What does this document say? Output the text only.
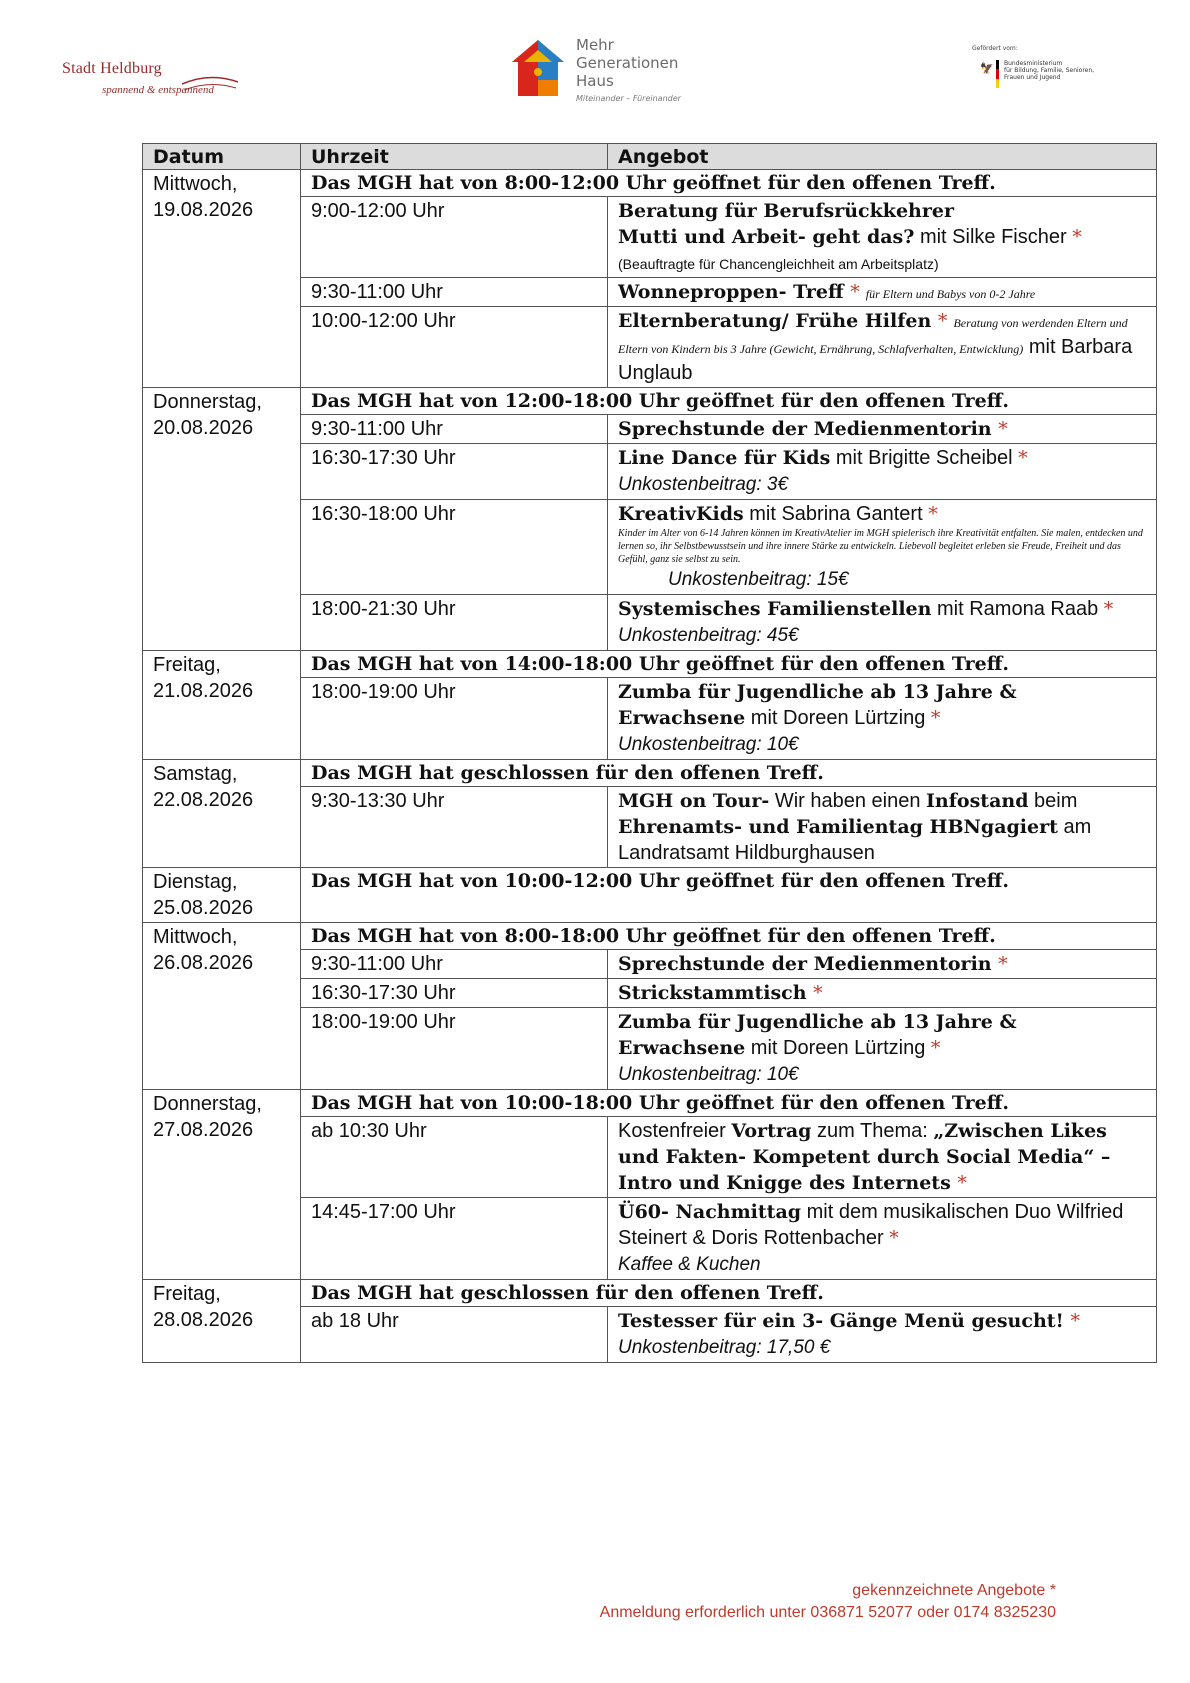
Stadt Heldburg
spannend & entspannend
Mehr
Generationen
Haus
Miteinander – Füreinander
Gefördert vom:
🦅 Bundesministerium
für Bildung, Familie, Senioren,
Frauen und Jugend
Datum	Uhrzeit	Angebot
Mittwoch,
19.08.2026	Das MGH hat von 8:00-12:00 Uhr geöffnet für den offenen Treff.	
	9:00-12:00 Uhr	Beratung für Berufsrückkehrer
Mutti und Arbeit- geht das? mit Silke Fischer *
(Beauftragte für Chancengleichheit am Arbeitsplatz)
	9:30-11:00 Uhr	Wonneproppen- Treff * für Eltern und Babys von 0-2 Jahre
	10:00-12:00 Uhr	Elternberatung/ Frühe Hilfen * Beratung von werdenden Eltern und Eltern von Kindern bis 3 Jahre (Gewicht, Ernährung, Schlafverhalten, Entwicklung) mit Barbara Unglaub
Donnerstag,
20.08.2026	Das MGH hat von 12:00-18:00 Uhr geöffnet für den offenen Treff.	
	9:30-11:00 Uhr	Sprechstunde der Medienmentorin *
	16:30-17:30 Uhr	Line Dance für Kids mit Brigitte Scheibel *
Unkostenbeitrag: 3€
	16:30-18:00 Uhr	KreativKids mit Sabrina Gantert *
Kinder im Alter von 6-14 Jahren können im KreativAtelier im MGH spielerisch ihre Kreativität entfalten. Sie malen, entdecken und lernen so, ihr Selbstbewusstsein und ihre innere Stärke zu entwickeln. Liebevoll begleitet erleben sie Freude, Freiheit und das Gefühl, ganz sie selbst zu sein.
Unkostenbeitrag: 15€
	18:00-21:30 Uhr	Systemisches Familienstellen mit Ramona Raab *
Unkostenbeitrag: 45€
Freitag,
21.08.2026	Das MGH hat von 14:00-18:00 Uhr geöffnet für den offenen Treff.	
	18:00-19:00 Uhr	Zumba für Jugendliche ab 13 Jahre & Erwachsene mit Doreen Lürtzing *
Unkostenbeitrag: 10€
Samstag,
22.08.2026	Das MGH hat geschlossen für den offenen Treff.	
	9:30-13:30 Uhr	MGH on Tour- Wir haben einen Infostand beim Ehrenamts- und Familientag HBNgagiert am Landratsamt Hildburghausen
Dienstag,
25.08.2026	Das MGH hat von 10:00-12:00 Uhr geöffnet für den offenen Treff.	
Mittwoch,
26.08.2026	Das MGH hat von 8:00-18:00 Uhr geöffnet für den offenen Treff.	
	9:30-11:00 Uhr	Sprechstunde der Medienmentorin *
	16:30-17:30 Uhr	Strickstammtisch *
	18:00-19:00 Uhr	Zumba für Jugendliche ab 13 Jahre & Erwachsene mit Doreen Lürtzing *
Unkostenbeitrag: 10€
Donnerstag,
27.08.2026	Das MGH hat von 10:00-18:00 Uhr geöffnet für den offenen Treff.	
	ab 10:30 Uhr	Kostenfreier Vortrag zum Thema: „Zwischen Likes und Fakten- Kompetent durch Social Media“ – Intro und Knigge des Internets *
	14:45-17:00 Uhr	Ü60- Nachmittag mit dem musikalischen Duo Wilfried Steinert & Doris Rottenbacher *
Kaffee & Kuchen
Freitag,
28.08.2026	Das MGH hat geschlossen für den offenen Treff.	
	ab 18 Uhr	Testesser für ein 3- Gänge Menü gesucht! *
Unkostenbeitrag: 17,50 €
gekennzeichnete Angebote *
Anmeldung erforderlich unter 036871 52077 oder 0174 8325230
